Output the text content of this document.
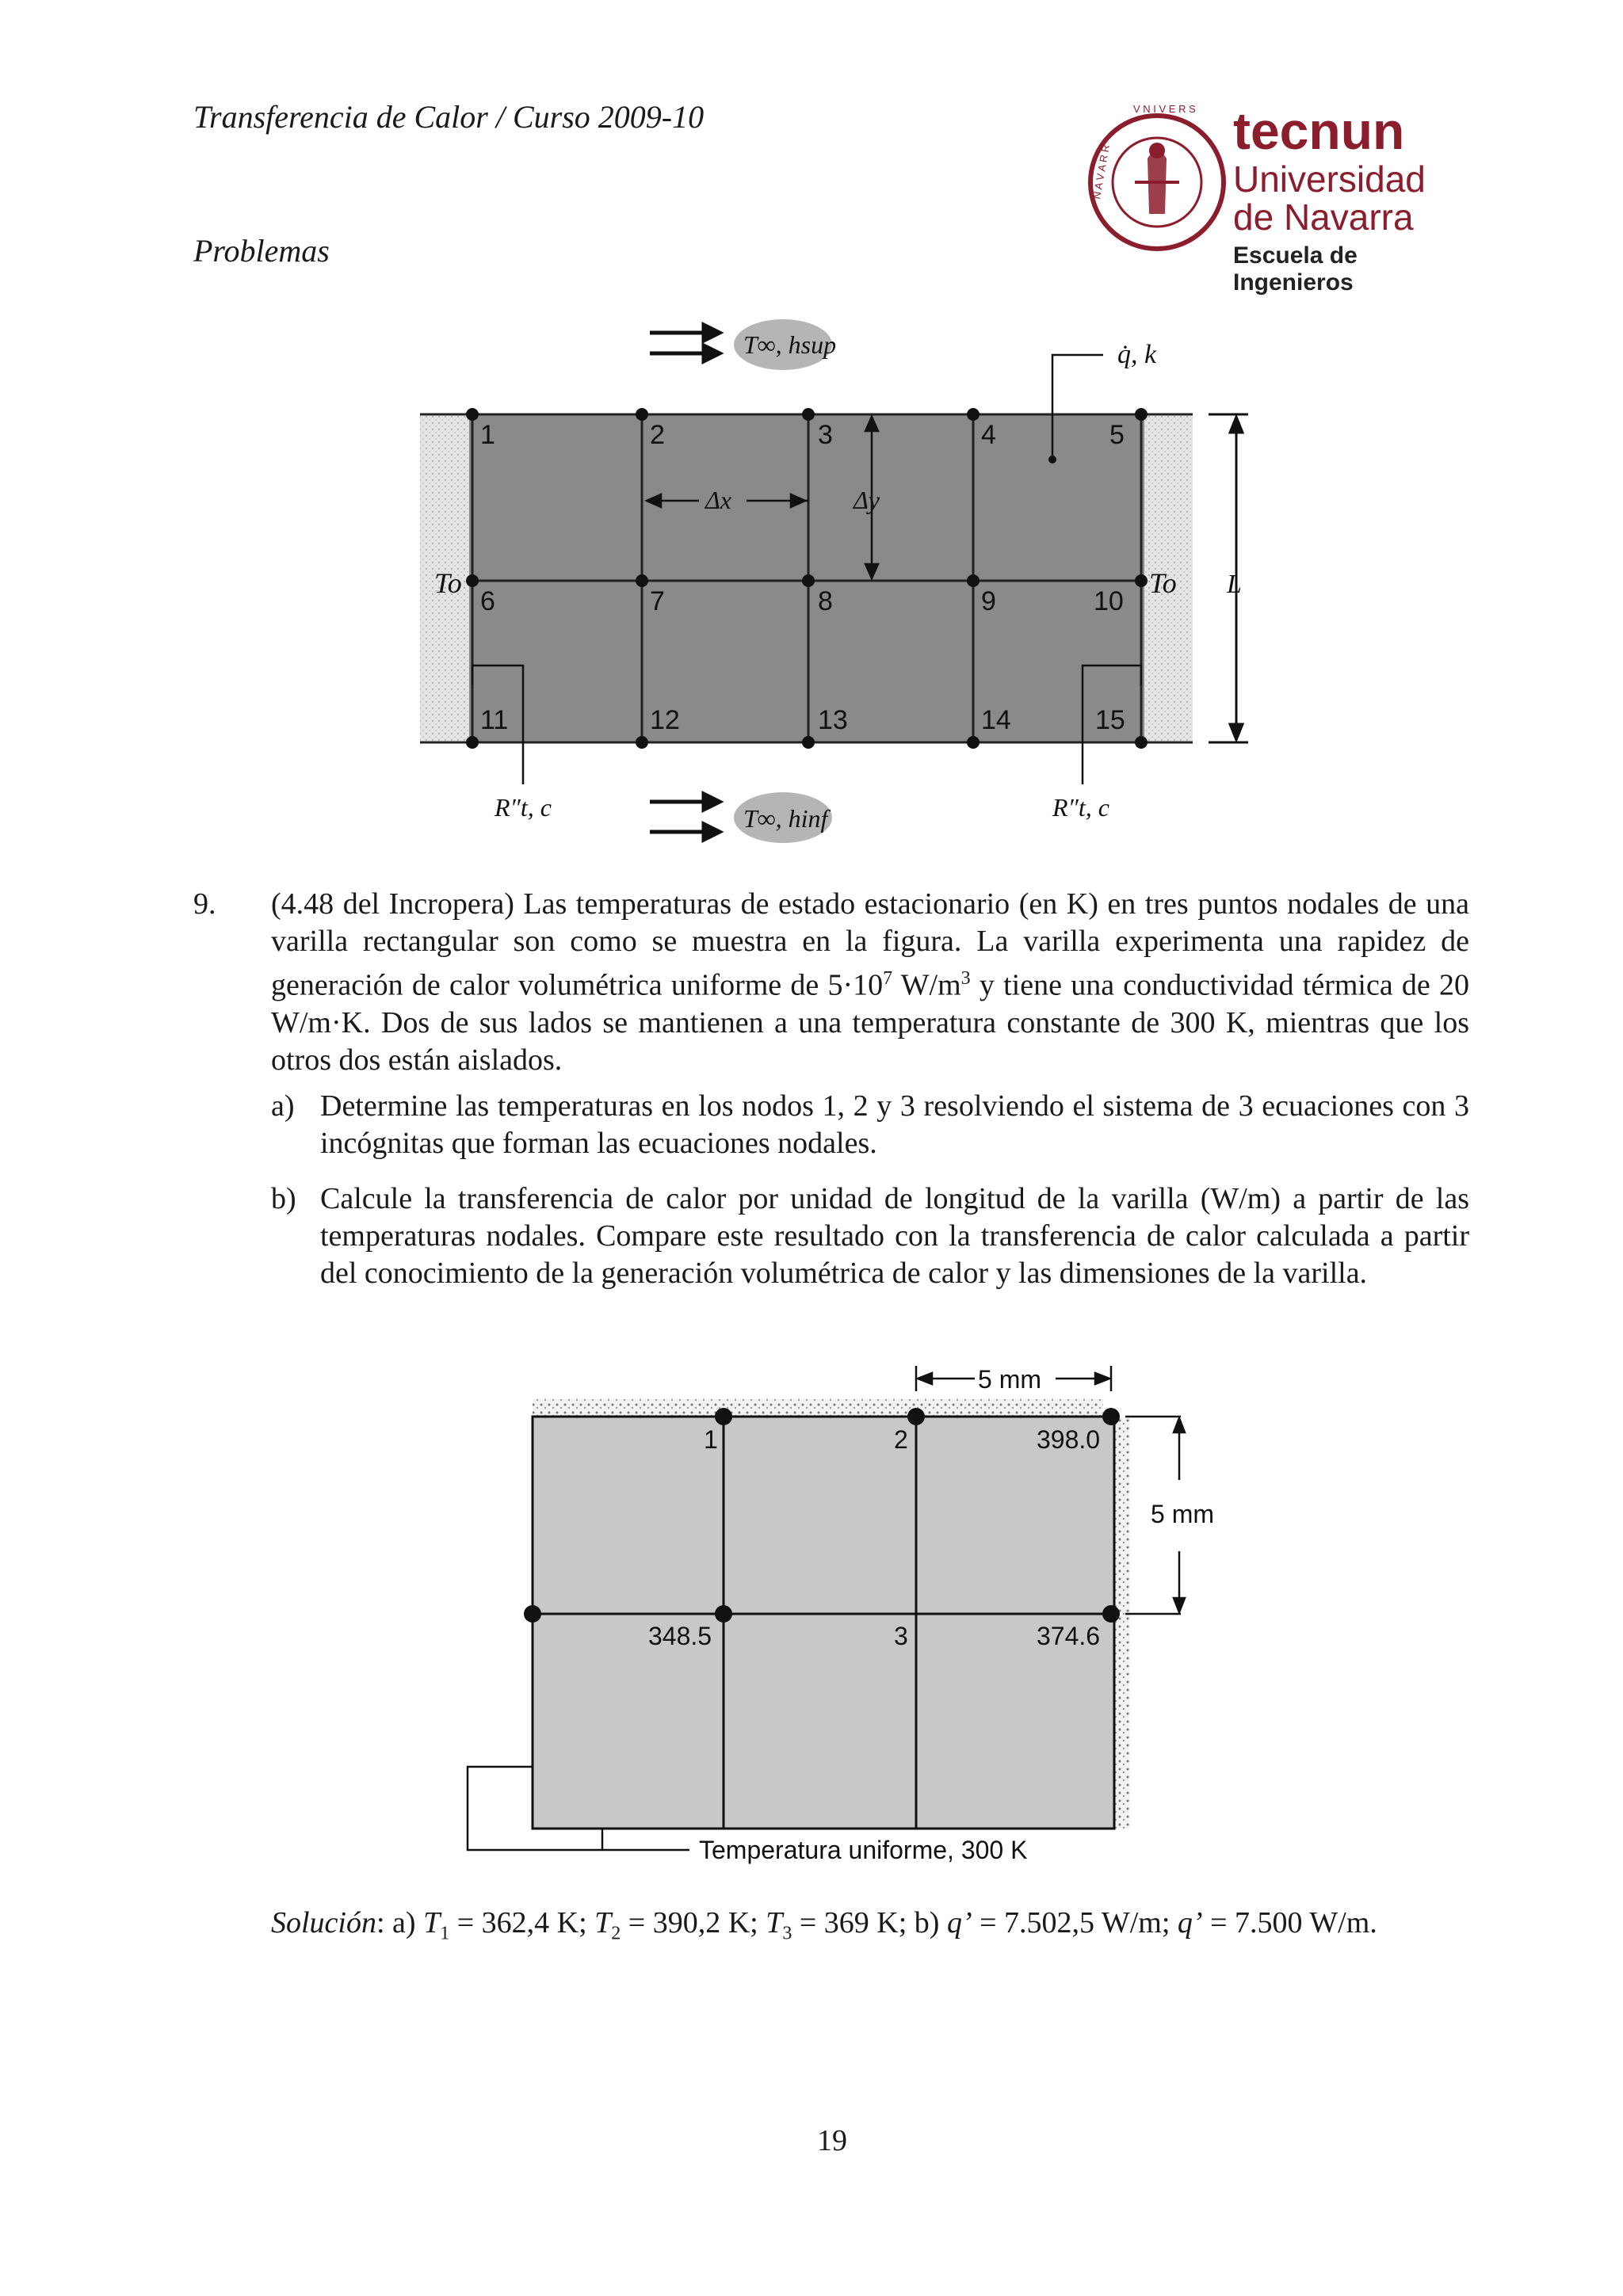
Transferencia de Calor / Curso 2009-10
Problemas
V N I V E R S
N A V A R R
tecnun
Universidad
de Navarra
Escuela de Ingenieros
1	2	3	4	5
6	7	8	9	10
11	12	13	14	15
Δx	Δy
q̇, k
T∞, hsup
T∞, hinf
To	To L
R″t, c	R″t, c
9. (4.48 del Incropera) Las temperaturas de estado estacionario (en K) en tres puntos nodales de una varilla rectangular son como se muestra en la figura. La varilla experimenta una rapidez de generación de calor volumétrica uniforme de $5\cdot 10^7$ $W/m^3$ y tiene una conductividad térmica de 20 W/m·K. Dos de sus lados se mantienen a una temperatura constante de 300 K, mientras que los otros dos están aislados.

a) Determine las temperaturas en los nodos 1, 2 y 3 resolviendo el sistema de 3 ecuaciones con 3 incógnitas que forman las ecuaciones nodales.

b) Calcule la transferencia de calor por unidad de longitud de la varilla (W/m) a partir de las temperaturas nodales. Compare este resultado con la transferencia de calor calculada a partir del conocimiento de la generación volumétrica de calor y las dimensiones de la varilla.

1	2	398.0
348.5	3	374.6
5 mm
5 mm
Temperatura uniforme, 300 K

Solución: a) $T_1 = 362,4$ K; $T_2 = 390,2$ K; $T_3 = 369$ K; b) q’ = 7.502,5 W/m; q’ = 7.500 W/m.

19
